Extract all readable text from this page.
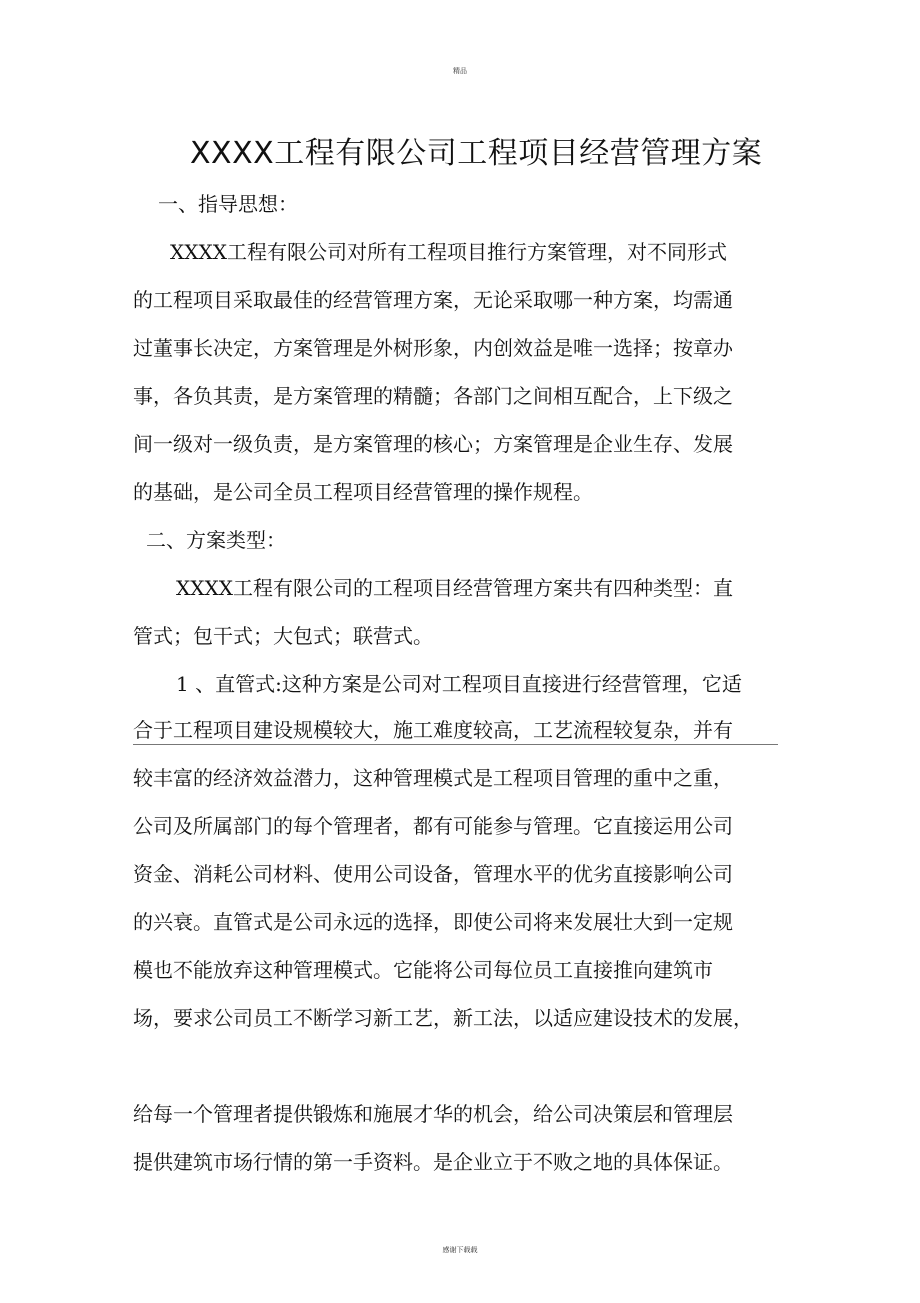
精品
XXXX工程有限公司工程项目经营管理方案
一、指导思想：
XXXX工程有限公司对所有工程项目推行方案管理，对不同形式
的工程项目采取最佳的经营管理方案，无论采取哪一种方案，均需通
过董事长决定，方案管理是外树形象，内创效益是唯一选择；按章办
事，各负其责，是方案管理的精髓；各部门之间相互配合，上下级之
间一级对一级负责，是方案管理的核心；方案管理是企业生存、发展
的基础，是公司全员工程项目经营管理的操作规程。
二、方案类型：
XXXX工程有限公司的工程项目经营管理方案共有四种类型：直
管式；包干式；大包式；联营式。
1 、直管式:这种方案是公司对工程项目直接进行经营管理，它适
合于工程项目建设规模较大，施工难度较高，工艺流程较复杂，并有
较丰富的经济效益潜力，这种管理模式是工程项目管理的重中之重，
公司及所属部门的每个管理者，都有可能参与管理。它直接运用公司
资金、消耗公司材料、使用公司设备，管理水平的优劣直接影响公司
的兴衰。直管式是公司永远的选择，即使公司将来发展壮大到一定规
模也不能放弃这种管理模式。它能将公司每位员工直接推向建筑市
场，要求公司员工不断学习新工艺，新工法，以适应建设技术的发展，
给每一个管理者提供锻炼和施展才华的机会，给公司决策层和管理层
提供建筑市场行情的第一手资料。是企业立于不败之地的具体保证。
感谢下载载
